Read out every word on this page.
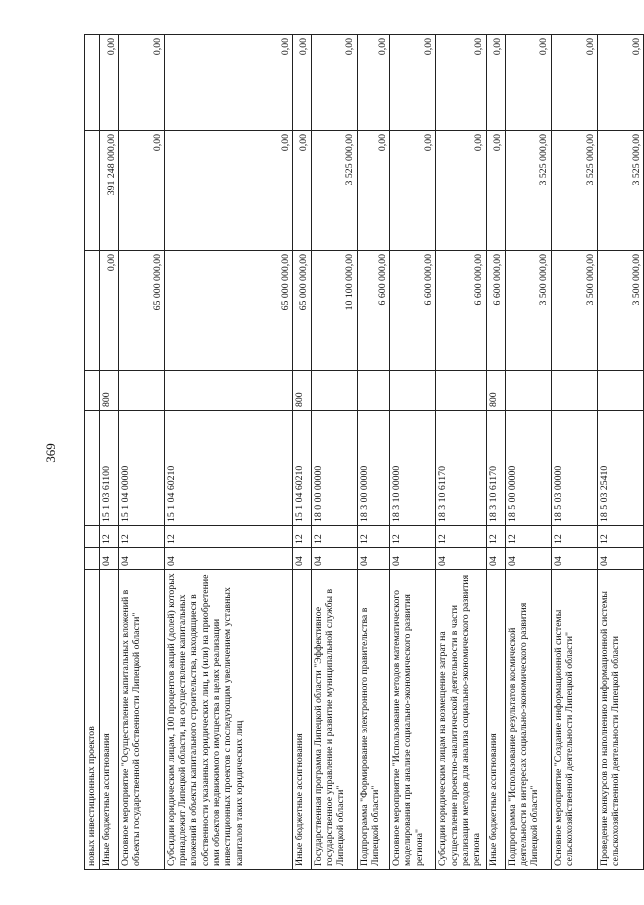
369
новых инвестиционных проектов							
Иные бюджетные ассигнования	04	12	15 1 03 61100	800	0,00	391 248 000,00	0,00
Основное мероприятие "Осуществление капитальных вложений в объекты государственной собственности Липецкой области"	04	12	15 1 04 00000		65 000 000,00	0,00	0,00
Субсидии юридическим лицам, 100 процентов акций (долей) которых принадлежит Липецкой области, на осуществление капитальных вложений в объекты капитального строительства, находящиеся в собственности указанных юридических лиц, и (или) на приобретение ими объектов недвижимого имущества в целях реализации инвестиционных проектов с последующим увеличением уставных капиталов таких юридических лиц	04	12	15 1 04 60210		65 000 000,00	0,00	0,00
Иные бюджетные ассигнования	04	12	15 1 04 60210	800	65 000 000,00	0,00	0,00
Государственная программа Липецкой области "Эффективное государственное управление и развитие муниципальной службы в Липецкой области"	04	12	18 0 00 00000		10 100 000,00	3 525 000,00	0,00
Подпрограмма "Формирование электронного правительства в Липецкой области"	04	12	18 3 00 00000		6 600 000,00	0,00	0,00
Основное мероприятие "Использование методов математического моделирования при анализе социально-экономического развития региона"	04	12	18 3 10 00000		6 600 000,00	0,00	0,00
Субсидии юридическим лицам на возмещение затрат на осуществление проектно-аналитической деятельности в части реализации методов для анализа социально-экономического развития региона	04	12	18 3 10 61170		6 600 000,00	0,00	0,00
Иные бюджетные ассигнования	04	12	18 3 10 61170	800	6 600 000,00	0,00	0,00
Подпрограмма "Использование результатов космической деятельности в интересах социально-экономического развития Липецкой области"	04	12	18 5 00 00000		3 500 000,00	3 525 000,00	0,00
Основное мероприятие "Создание информационной системы сельскохозяйственной деятельности Липецкой области"	04	12	18 5 03 00000		3 500 000,00	3 525 000,00	0,00
Проведение конкурсов по наполнению информационной системы сельскохозяйственной деятельности Липецкой области	04	12	18 5 03 25410		3 500 000,00	3 525 000,00	0,00
